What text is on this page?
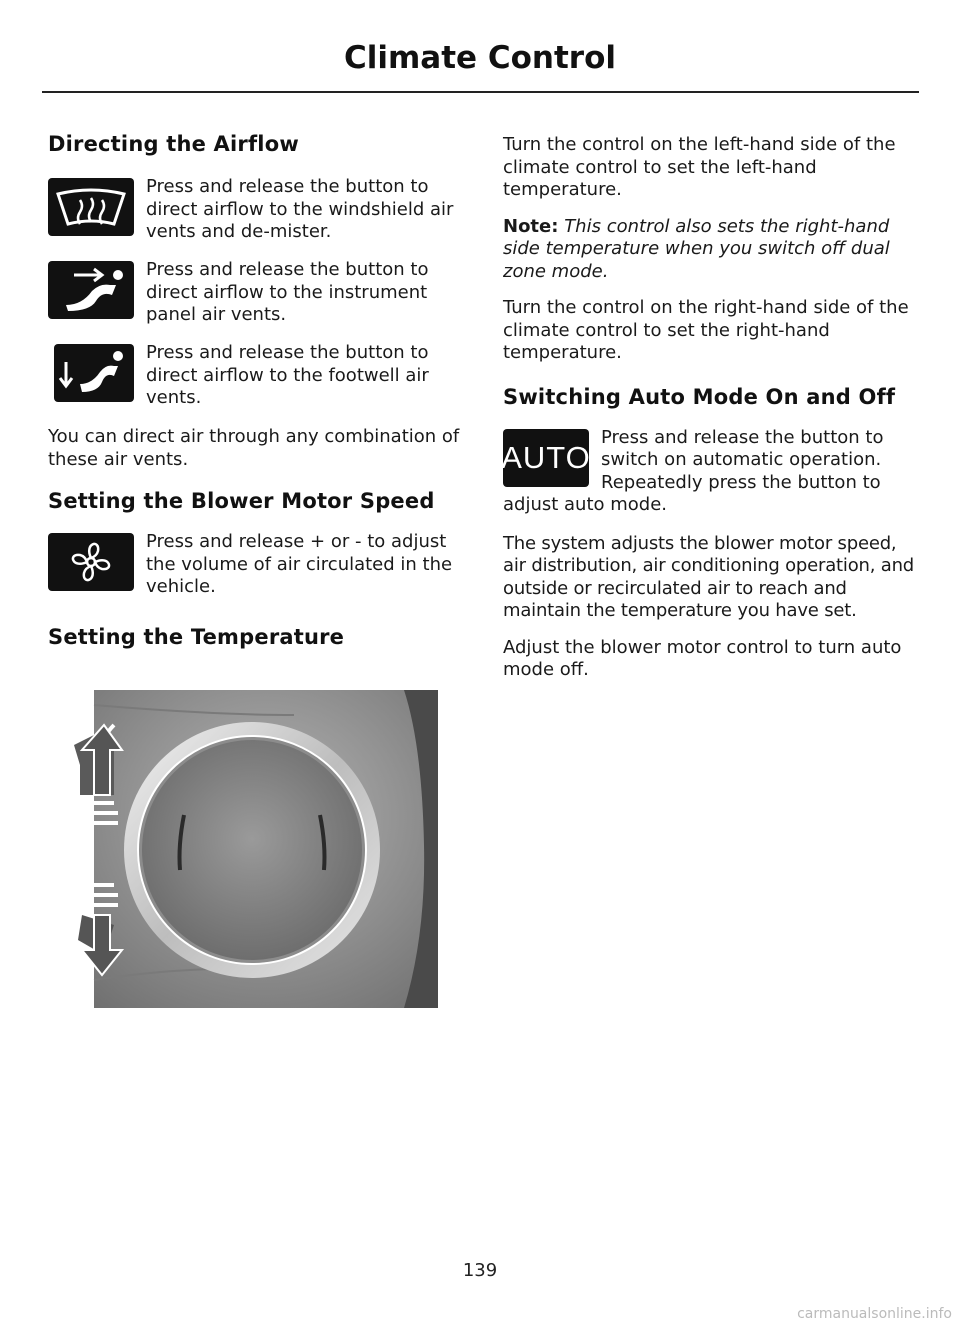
Climate Control
Directing the Airflow

Press and release the button to direct airflow to the windshield air vents and de-mister.

Press and release the button to direct airflow to the instrument panel air vents.

Press and release the button to direct airflow to the footwell air vents.

You can direct air through any combination of these air vents.

Setting the Blower Motor Speed

Press and release + or - to adjust the volume of air circulated in the vehicle.

Setting the Temperature

Turn the control on the left-hand side of the climate control to set the left-hand temperature.

Note: This control also sets the right-hand side temperature when you switch off dual zone mode.

Turn the control on the right-hand side of the climate control to set the right-hand temperature.

Switching Auto Mode On and Off
AUTO

Press and release the button to switch on automatic operation. Repeatedly press the button to adjust auto mode.

The system adjusts the blower motor speed, air distribution, air conditioning operation, and outside or recirculated air to reach and maintain the temperature you have set.

Adjust the blower motor control to turn auto mode off.

139
carmanualsonline.info
